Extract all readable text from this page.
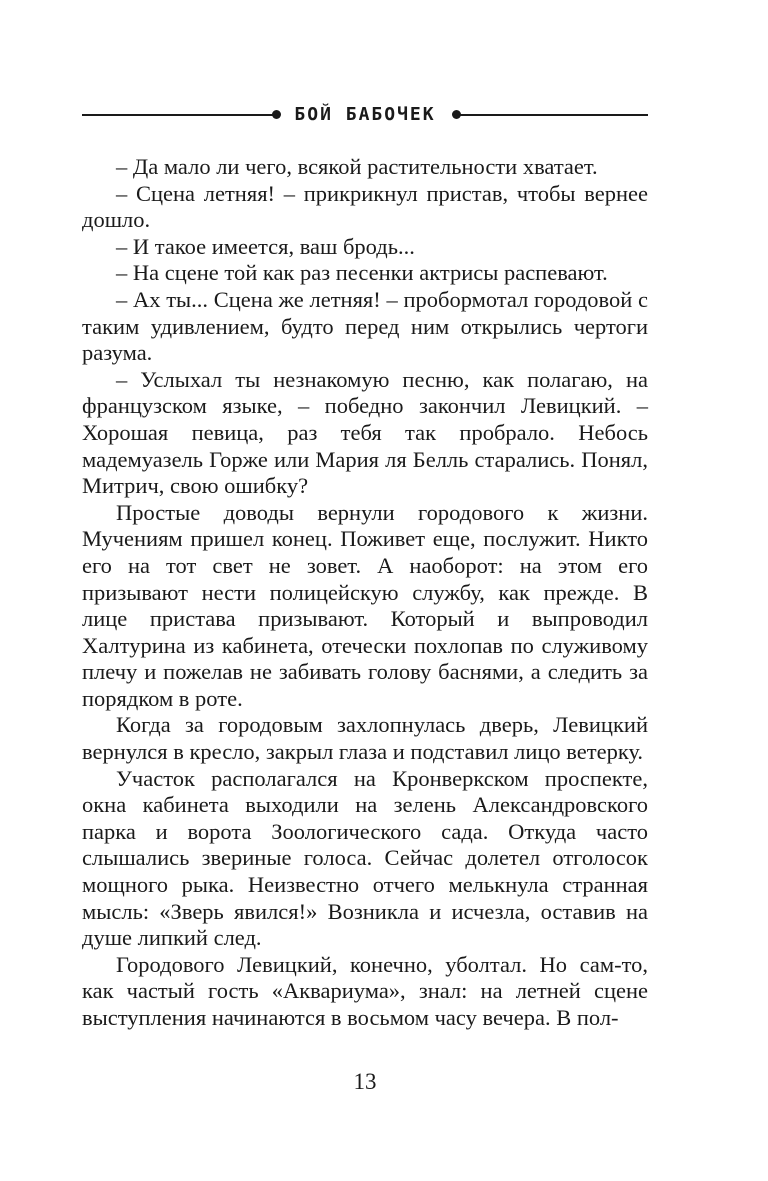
БОЙ БАБОЧЕК

– Да мало ли чего, всякой растительности хватает.

– Сцена летняя! – прикрикнул пристав, чтобы вернее дошло.

– И такое имеется, ваш бродь...

– На сцене той как раз песенки актрисы распевают.

– Ах ты... Сцена же летняя! – пробормотал городовой с таким удивлением, будто перед ним открылись чертоги разума.

– Услыхал ты незнакомую песню, как полагаю, на французском языке, – победно закончил Левицкий. – Хорошая певица, раз тебя так пробрало. Небось мадемуазель Горже или Мария ля Белль старались. Понял, Митрич, свою ошибку?

Простые доводы вернули городового к жизни. Мучениям пришел конец. Поживет еще, послужит. Никто его на тот свет не зовет. А наоборот: на этом его призывают нести полицейскую службу, как прежде. В лице пристава призывают. Который и выпроводил Халтурина из кабинета, отечески похлопав по служивому плечу и пожелав не забивать голову баснями, а следить за порядком в роте.

Когда за городовым захлопнулась дверь, Левицкий вернулся в кресло, закрыл глаза и подставил лицо ветерку.

Участок располагался на Кронверкском проспекте, окна кабинета выходили на зелень Александровского парка и ворота Зоологического сада. Откуда часто слышались звериные голоса. Сейчас долетел отголосок мощного рыка. Неизвестно отчего мелькнула странная мысль: «Зверь явился!» Возникла и исчезла, оставив на душе липкий след.

Городового Левицкий, конечно, уболтал. Но сам-то, как частый гость «Аквариума», знал: на летней сцене выступления начинаются в восьмом часу вечера. В пол-

13
